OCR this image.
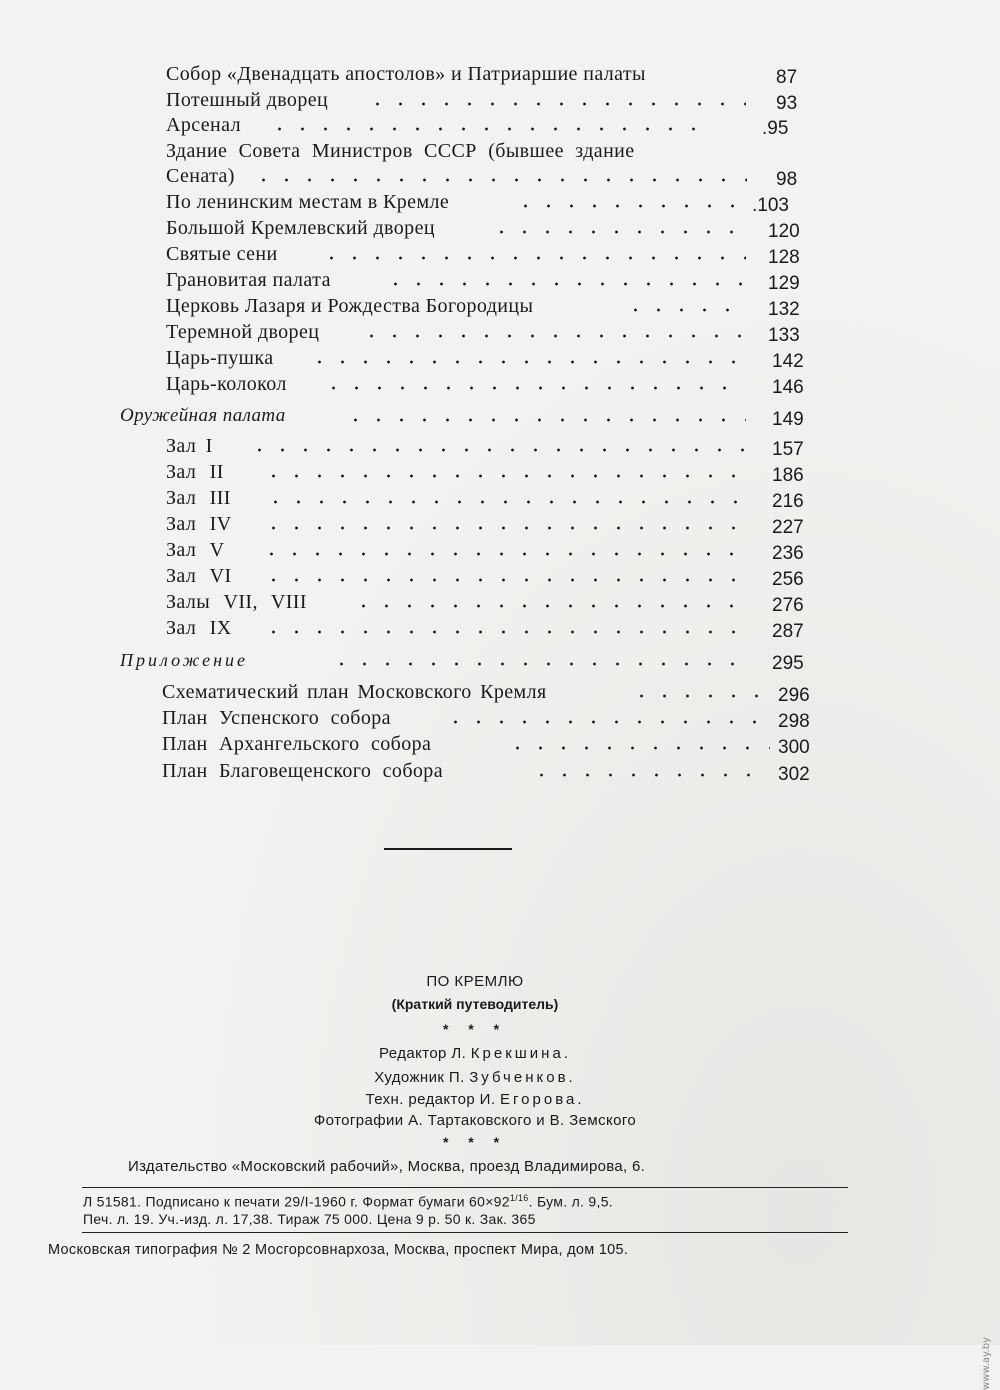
Собор «Двенадцать апостолов» и Патриаршие палаты	87
Потешный дворец	93
Арсенал	.95
Здание Совета Министров СССР (бывшее здание
Сената)	98
По ленинским местам в Кремле	.103
Большой Кремлевский дворец	120
Святые сени	128
Грановитая палата	129
Церковь Лазаря и Рождества Богородицы	132
Теремной дворец	133
Царь-пушка	142
Царь-колокол	146
Оружейная палата	149
Зал I	157
Зал II	186
Зал III	216
Зал IV	227
Зал V	236
Зал VI	256
Залы VII, VIII	276
Зал IX	287
Приложение	295
Схематический план Московского Кремля	296
План Успенского собора	298
План Архангельского собора	300
План Благовещенского собора	302
ПО КРЕМЛЮ
(Краткий путеводитель)
* * *
Редактор Л. Крекшина.
Художник П. Зубченков.
Техн. редактор И. Егорова.
Фотографии А. Тартаковского и В. Земского
* * *
Издательство «Московский рабочий», Москва, проезд Владимирова, 6.
Л 51581. Подписано к печати 29/I-1960 г. Формат бумаги $60\times 92^{1/16}$. Бум. л. 9,5.
Печ. л. 19. Уч.-изд. л. 17,38. Тираж 75 000. Цена 9 р. 50 к. Зак. 365
Московская типография № 2 Мосгорсовнархоза, Москва, проспект Мира, дом 105.
www.ay.by
